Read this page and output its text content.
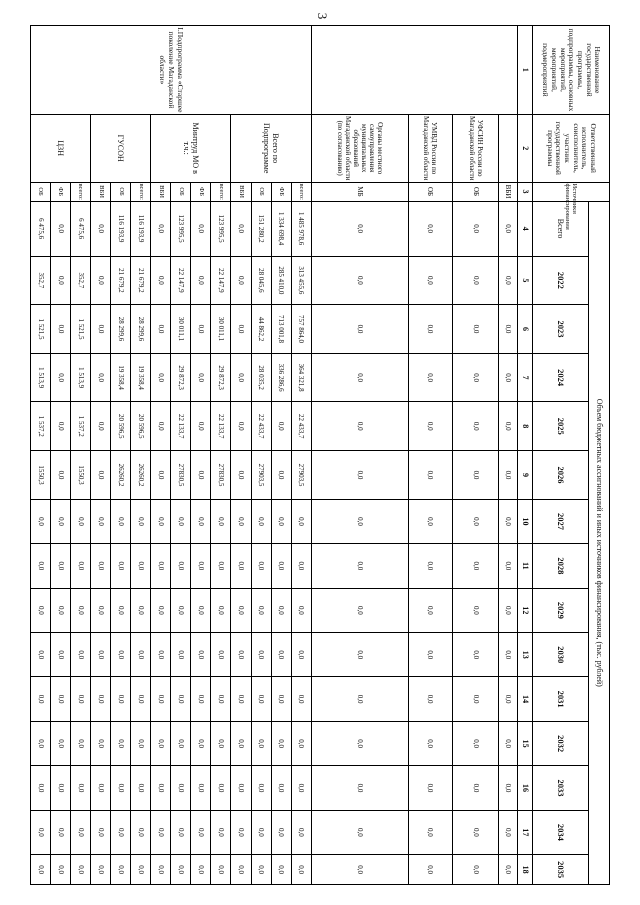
3
Наименование государственной программы, подпрограммы, основных мероприятий, мероприятий, подмероприятий	Ответственный исполнитель, соисполнитель, участник государственной программы	Источники финансирования	Объем бюджетных ассигнований и иных источников финансирования, (тыс. рублей)														
			Всего	2022	2023	2024	2025	2026	2027	2028	2029	2030	2031	2032	2033	2034	2035
1	2	3	4	5	6	7	8	9	10	11	12	13	14	15	16	17	18
		ВБИ	0,0	0,0	0,0	0,0	0,0	0,0	0,0	0,0	0,0	0,0	0,0	0,0	0,0	0,0	0,0
	УФСИН России по Магаданской области	ОБ	0,0	0,0	0,0	0,0	0,0	0,0	0,0	0,0	0,0	0,0	0,0	0,0	0,0	0,0	0,0
	УМВД России по Магаданской области	ОБ	0,0	0,0	0,0	0,0	0,0	0,0	0,0	0,0	0,0	0,0	0,0	0,0	0,0	0,0	0,0
	Органы местного самоуправления муниципальных образований Магаданской области (по согласованию)	МБ	0,0	0,0	0,0	0,0	0,0	0,0	0,0	0,0	0,0	0,0	0,0	0,0	0,0	0,0	0,0
I.Подпрограмма «Старшее поколение Магаданской области»	Всего по Подпрограмме	всего:	1 485 978,6	313 455,6	757 864,0	364 321,8	22 433,7	27903,5	0,0	0,0	0,0	0,0	0,0	0,0	0,0	0,0	0,0
		ФБ	1 334 698,4	285 410,0	713 001,8	336 286,6	0,0	0,0	0,0	0,0	0,0	0,0	0,0	0,0	0,0	0,0	0,0
		ОБ	151 280,2	28 045,6	44 862,2	28 035,2	22 433,7	27903,5	0,0	0,0	0,0	0,0	0,0	0,0	0,0	0,0	0,0
		ВБИ	0,0	0,0	0,0	0,0	0,0	0,0	0,0	0,0	0,0	0,0	0,0	0,0	0,0	0,0	0,0
	Минтруд МО в т.ч.:	всего:	123 995,5	22 147,9	30 011,1	29 872,3	22 133,7	27830,5	0,0	0,0	0,0	0,0	0,0	0,0	0,0	0,0	0,0
		ФБ	0,0	0,0	0,0	0,0	0,0	0,0	0,0	0,0	0,0	0,0	0,0	0,0	0,0	0,0	0,0
		ОБ	123 995,5	22 147,9	30 011,1	29 872,3	22 133,7	27830,5	0,0	0,0	0,0	0,0	0,0	0,0	0,0	0,0	0,0
		ВБИ	0,0	0,0	0,0	0,0	0,0	0,0	0,0	0,0	0,0	0,0	0,0	0,0	0,0	0,0	0,0
	ГУСОН	всего:	116 193,9	21 679,2	28 299,6	19 358,4	20 596,5	26260,2	0,0	0,0	0,0	0,0	0,0	0,0	0,0	0,0	0,0
		ОБ	116 193,9	21 679,2	28 299,6	19 358,4	20 596,5	26260,2	0,0	0,0	0,0	0,0	0,0	0,0	0,0	0,0	0,0
		ВБИ	0,0	0,0	0,0	0,0	0,0	0,0	0,0	0,0	0,0	0,0	0,0	0,0	0,0	0,0	0,0
	ЦЗН	всего:	6 475,6	352,7	1 521,5	1 513,9	1 537,2	1550,3	0,0	0,0	0,0	0,0	0,0	0,0	0,0	0,0	0,0
		ФБ	0,0	0,0	0,0	0,0	0,0	0,0	0,0	0,0	0,0	0,0	0,0	0,0	0,0	0,0	0,0
		ОБ	6 475,6	352,7	1 521,5	1 513,9	1 537,2	1550,3	0,0	0,0	0,0	0,0	0,0	0,0	0,0	0,0	0,0
